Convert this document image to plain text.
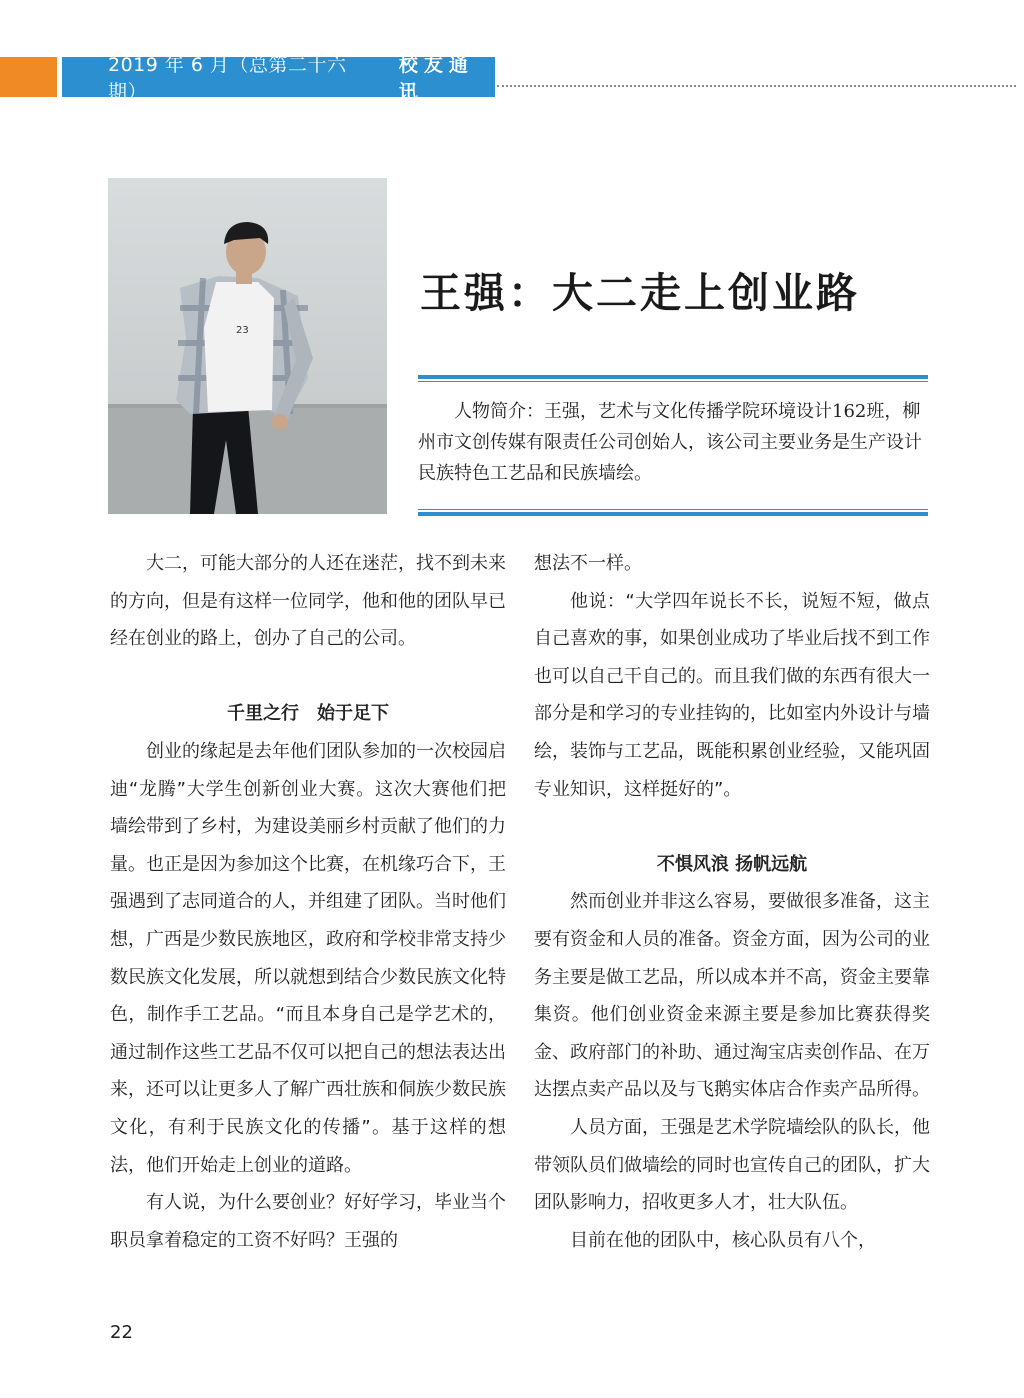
2019 年 6 月（总第二十六期）
校友通讯
23
王强：大二走上创业路
人物简介：王强，艺术与文化传播学院环境设计162班，柳州市文创传媒有限责任公司创始人，该公司主要业务是生产设计民族特色工艺品和民族墙绘。

大二，可能大部分的人还在迷茫，找不到未来的方向，但是有这样一位同学，他和他的团队早已经在创业的路上，创办了自己的公司。

千里之行　始于足下

创业的缘起是去年他们团队参加的一次校园启迪“龙腾”大学生创新创业大赛。这次大赛他们把墙绘带到了乡村，为建设美丽乡村贡献了他们的力量。也正是因为参加这个比赛，在机缘巧合下，王强遇到了志同道合的人，并组建了团队。当时他们想，广西是少数民族地区，政府和学校非常支持少数民族文化发展，所以就想到结合少数民族文化特色，制作手工艺品。“而且本身自己是学艺术的，通过制作这些工艺品不仅可以把自己的想法表达出来，还可以让更多人了解广西壮族和侗族少数民族文化，有利于民族文化的传播”。基于这样的想法，他们开始走上创业的道路。

有人说，为什么要创业？好好学习，毕业当个职员拿着稳定的工资不好吗？王强的

想法不一样。

他说：“大学四年说长不长，说短不短，做点自己喜欢的事，如果创业成功了毕业后找不到工作也可以自己干自己的。而且我们做的东西有很大一部分是和学习的专业挂钩的，比如室内外设计与墙绘，装饰与工艺品，既能积累创业经验，又能巩固专业知识，这样挺好的”。

不惧风浪 扬帆远航

然而创业并非这么容易，要做很多准备，这主要有资金和人员的准备。资金方面，因为公司的业务主要是做工艺品，所以成本并不高，资金主要靠集资。他们创业资金来源主要是参加比赛获得奖金、政府部门的补助、通过淘宝店卖创作品、在万达摆点卖产品以及与飞鹅实体店合作卖产品所得。

人员方面，王强是艺术学院墙绘队的队长，他带领队员们做墙绘的同时也宣传自己的团队，扩大团队影响力，招收更多人才，壮大队伍。

目前在他的团队中，核心队员有八个，

22
